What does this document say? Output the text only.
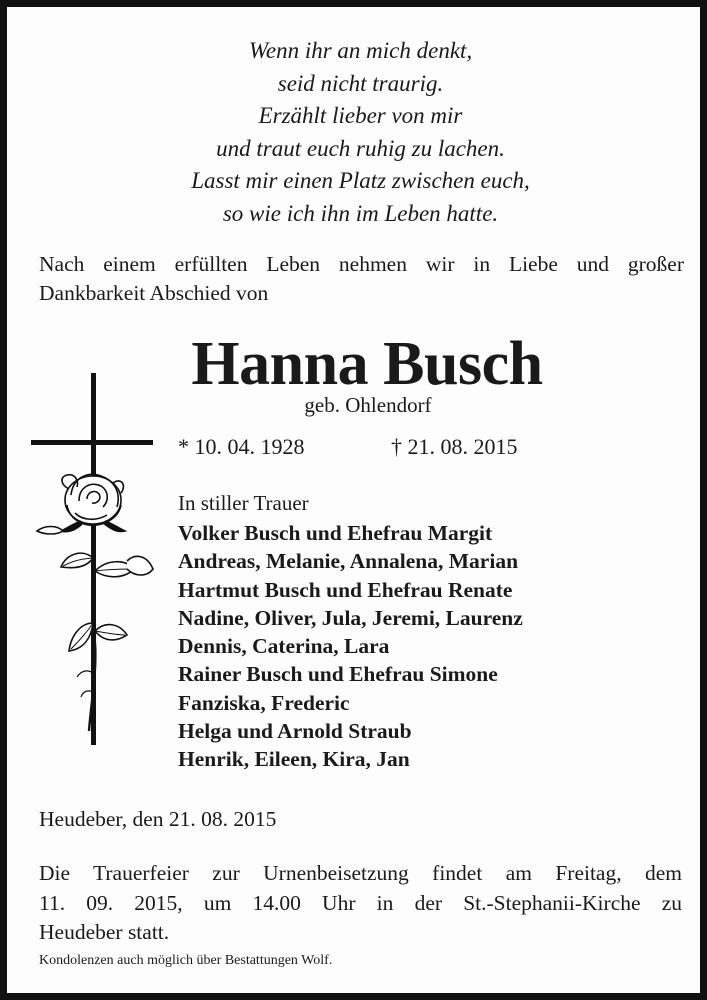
Wenn ihr an mich denkt,
seid nicht traurig.
Erzählt lieber von mir
und traut euch ruhig zu lachen.
Lasst mir einen Platz zwischen euch,
so wie ich ihn im Leben hatte.
Nach einem erfüllten Leben nehmen wir in Liebe und großer
Dankbarkeit Abschied von
Hanna Busch
geb. Ohlendorf
* 10. 04. 1928	† 21. 08. 2015
In stiller Trauer
Volker Busch und Ehefrau Margit
Andreas, Melanie, Annalena, Marian
Hartmut Busch und Ehefrau Renate
Nadine, Oliver, Jula, Jeremi, Laurenz
Dennis, Caterina, Lara
Rainer Busch und Ehefrau Simone
Fanziska, Frederic
Helga und Arnold Straub
Henrik, Eileen, Kira, Jan
Heudeber, den 21. 08. 2015
Die Trauerfeier zur Urnenbeisetzung findet am Freitag, dem
11. 09. 2015, um 14.00 Uhr in der St.-Stephanii-Kirche zu
Heudeber statt.
Kondolenzen auch möglich über Bestattungen Wolf.
